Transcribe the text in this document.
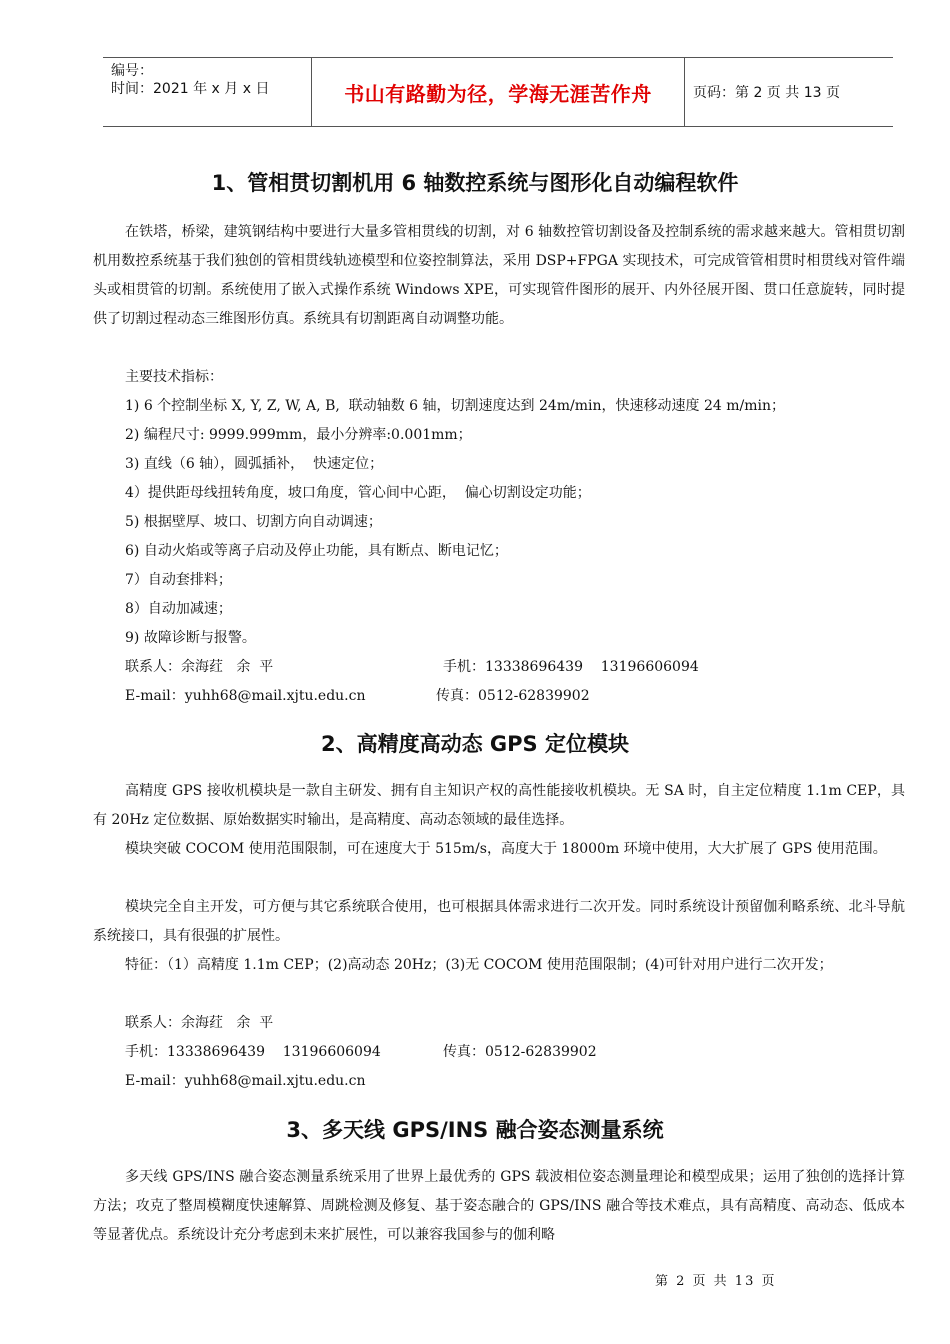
编号：
时间：2021 年 x 月 x 日	书山有路勤为径，学海无涯苦作舟	页码：第 2 页 共 13 页
1、管相贯切割机用 6 轴数控系统与图形化自动编程软件

在铁塔，桥梁，建筑钢结构中要进行大量多管相贯线的切割，对 6 轴数控管切割设备及控制系统的需求越来越大。管相贯切割机用数控系统基于我们独创的管相贯线轨迹模型和位姿控制算法，采用 DSP+FPGA 实现技术，可完成管管相贯时相贯线对管件端头或相贯管的切割。系统使用了嵌入式操作系统 Windows XPE，可实现管件图形的展开、内外径展开图、贯口任意旋转，同时提供了切割过程动态三维图形仿真。系统具有切割距离自动调整功能。

主要技术指标：
1) 6 个控制坐标 X, Y, Z, W, A, B,  联动轴数 6 轴，切割速度达到 24m/min，快速移动速度 24 m/min；
2) 编程尺寸: 9999.999mm，最小分辨率:0.001mm；
3) 直线（6 轴），圆弧插补，  快速定位；
4）提供距母线扭转角度，坡口角度，管心间中心距，  偏心切割设定功能；
5) 根据壁厚、坡口、切割方向自动调速；
6) 自动火焰或等离子启动及停止功能，具有断点、断电记忆；
7）自动套排料；
8）自动加减速；
9) 故障诊断与报警。
联系人：余海荭   余  平	手机：13338696439    13196606094
E-mail：yuhh68@mail.xjtu.edu.cn	传真：0512-62839902
2、高精度高动态 GPS 定位模块

高精度 GPS 接收机模块是一款自主研发、拥有自主知识产权的高性能接收机模块。无 SA 时，自主定位精度 1.1m CEP，具有 20Hz 定位数据、原始数据实时输出，是高精度、高动态领域的最佳选择。

模块突破 COCOM 使用范围限制，可在速度大于 515m/s，高度大于 18000m 环境中使用，大大扩展了 GPS 使用范围。

模块完全自主开发，可方便与其它系统联合使用，也可根据具体需求进行二次开发。同时系统设计预留伽利略系统、北斗导航系统接口，具有很强的扩展性。

特征：（1）高精度 1.1m CEP；(2)高动态 20Hz；(3)无 COCOM 使用范围限制；(4)可针对用户进行二次开发；

联系人：余海荭   余  平
手机：13338696439    13196606094	传真：0512-62839902
E-mail：yuhh68@mail.xjtu.edu.cn
3、多天线 GPS/INS 融合姿态测量系统

多天线 GPS/INS 融合姿态测量系统采用了世界上最优秀的 GPS 载波相位姿态测量理论和模型成果；运用了独创的选择计算方法；攻克了整周模糊度快速解算、周跳检测及修复、基于姿态融合的 GPS/INS 融合等技术难点，具有高精度、高动态、低成本等显著优点。系统设计充分考虑到未来扩展性，可以兼容我国参与的伽利略

第 2 页 共 13 页
